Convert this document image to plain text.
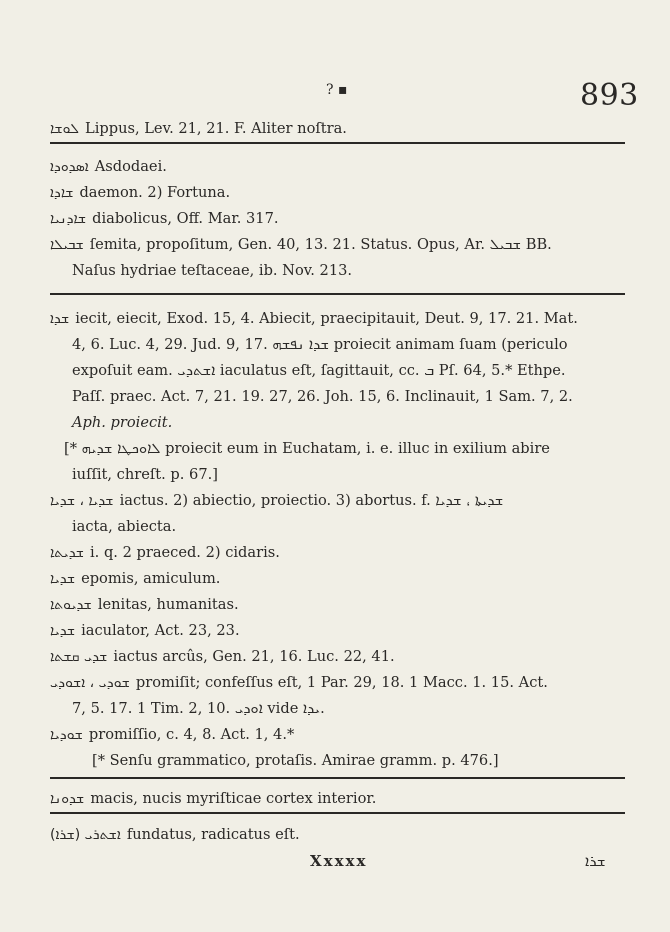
? ▪	893
ܠܘܫܐ Lippus, Lev. 21, 21. F. Aliter noſtra.
ܐܣܕܘܕܐ Asdodaei.
ܫܐܕܐ daemon. 2) Fortuna.
ܫܐܕܢܝܐ diabolicus, Off. Mar. 317.
ܫܒܝܠܐ ſemita, propoſitum, Gen. 40, 13. 21. Status. Opus, Ar. ܫܒܝܠ BB.
Naſus hydriae teſtaceae, ib. Nov. 213.
ܫܕܐ iecit, eiecit, Exod. 15, 4. Abiecit, praecipitauit, Deut. 9, 17. 21. Mat.
4, 6. Luc. 4, 29. Jud. 9, 17. ܫܕܐ ܢܦܫܗ proiecit animam ſuam (periculo
expoſuit eam. ܐܫܬܕܝ iaculatus eſt, ſagittauit, cc. ܒ Pſ. 64, 5.* Ethpe.
Paſſ. praec. Act. 7, 21. 19. 27, 26. Joh. 15, 6. Inclinauit, 1 Sam. 7, 2.
Aph. proiecit.
[* ܠܐܘܟܛܐ ܫܕܝܗ proiecit eum in Euchatam, i. e. illuc in exilium abire
iuſſit, chreſt. p. 67.]
ܫܕܝܐ ، ܫܕܝܐ iactus. 2) abiectio, proiectio. 3) abortus. f. ܫܕܝܬܐ ، ܫܕܝܐ
iacta, abiecta.
ܫܕܝܬܐ i. q. 2 praeced. 2) cidaris.
ܫܕܝܐ epomis, amiculum.
ܫܕܝܘܬܐ lenitas, humanitas.
ܫܕܝܐ iaculator, Act. 23, 23.
ܫܕܝ ܩܫܬܐ iactus arcûs, Gen. 21, 16. Luc. 22, 41.
ܫܘܕܝ ، ܐܫܘܕܝ promiſit; confeſſus eſt, 1 Par. 29, 18. 1 Macc. 1. 15. Act.
7, 5. 17. 1 Tim. 2, 10. ܐܘܕܝ vide ܝܕܐ.
ܫܘܕܝܐ promiſſio, c. 4, 8. Act. 1, 4.*
[* Senſu grammatico, protaſis. Amirae gramm. p. 476.]
ܫܕܘܢܐ macis, nucis myriſticae cortex interior.
(ܫܪܐ) ܐܫܬܪܝ fundatus, radicatus eſt.
Xxxxx	ܫܪܐ
